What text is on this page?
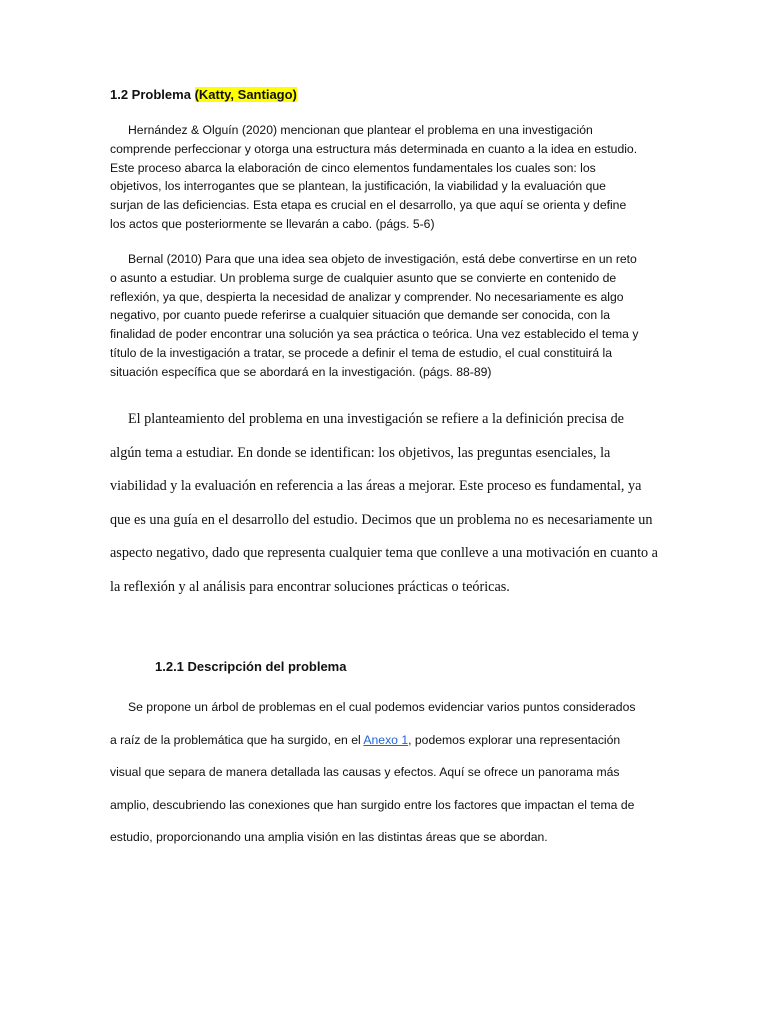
1.2 Problema (Katty, Santiago)

Hernández & Olguín (2020) mencionan que plantear el problema en una investigación comprende perfeccionar y otorga una estructura más determinada en cuanto a la idea en estudio. Este proceso abarca la elaboración de cinco elementos fundamentales los cuales son: los objetivos, los interrogantes que se plantean, la justificación, la viabilidad y la evaluación que surjan de las deficiencias. Esta etapa es crucial en el desarrollo, ya que aquí se orienta y define los actos que posteriormente se llevarán a cabo. (págs. 5-6)

Bernal (2010) Para que una idea sea objeto de investigación, está debe convertirse en un reto o asunto a estudiar. Un problema surge de cualquier asunto que se convierte en contenido de reflexión, ya que, despierta la necesidad de analizar y comprender. No necesariamente es algo negativo, por cuanto puede referirse a cualquier situación que demande ser conocida, con la finalidad de poder encontrar una solución ya sea práctica o teórica. Una vez establecido el tema y título de la investigación a tratar, se procede a definir el tema de estudio, el cual constituirá la situación específica que se abordará en la investigación. (págs. 88-89)

El planteamiento del problema en una investigación se refiere a la definición precisa de algún tema a estudiar. En donde se identifican: los objetivos, las preguntas esenciales, la viabilidad y la evaluación en referencia a las áreas a mejorar. Este proceso es fundamental, ya que es una guía en el desarrollo del estudio. Decimos que un problema no es necesariamente un aspecto negativo, dado que representa cualquier tema que conlleve a una motivación en cuanto a la reflexión y al análisis para encontrar soluciones prácticas o teóricas.

1.2.1 Descripción del problema

Se propone un árbol de problemas en el cual podemos evidenciar varios puntos considerados a raíz de la problemática que ha surgido, en el Anexo 1, podemos explorar una representación visual que separa de manera detallada las causas y efectos. Aquí se ofrece un panorama más amplio, descubriendo las conexiones que han surgido entre los factores que impactan el tema de estudio, proporcionando una amplia visión en las distintas áreas que se abordan.
